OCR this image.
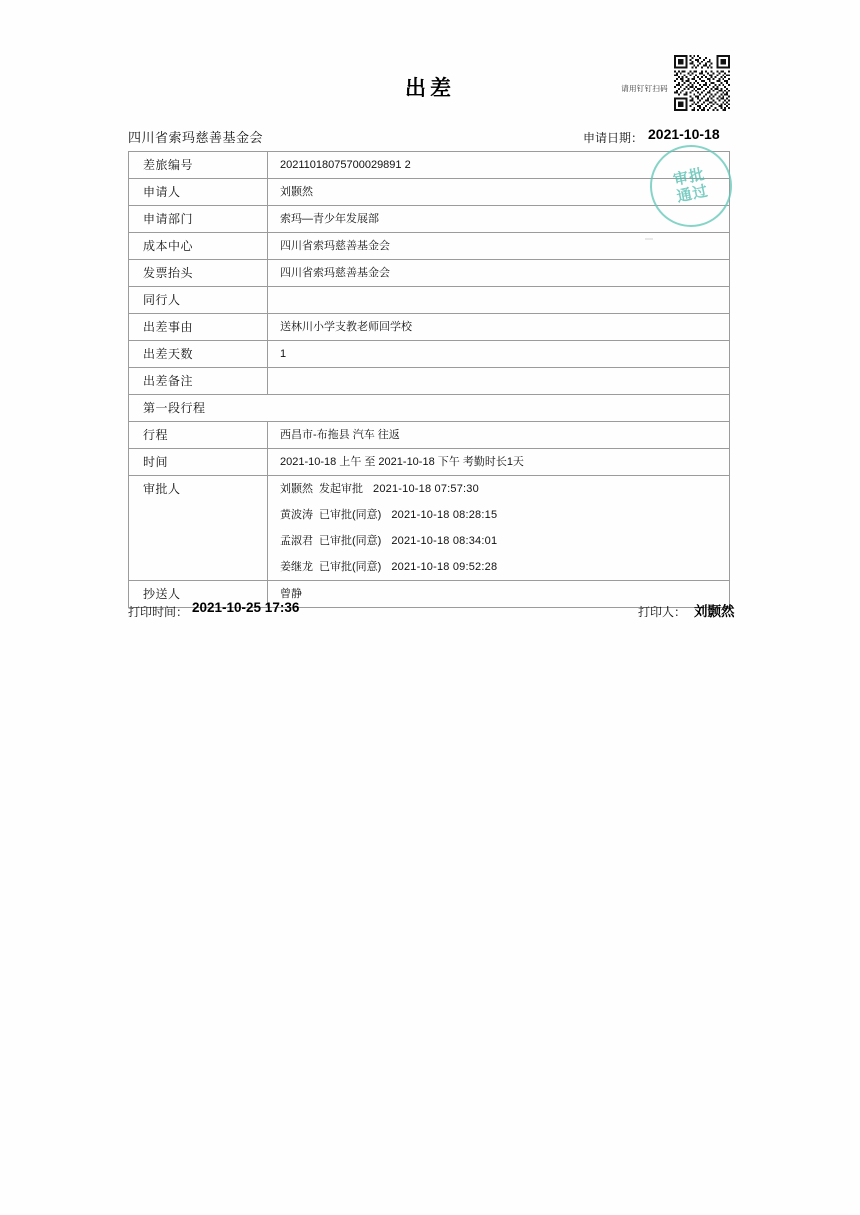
出差	请用钉钉扫码
四川省索玛慈善基金会	申请日期： 2021-10-18
差旅编号	20211018075700029891 2
申请人	刘颢然
申请部门	索玛—青少年发展部
成本中心	四川省索玛慈善基金会
发票抬头	四川省索玛慈善基金会
同行人	
出差事由	送林川小学支教老师回学校
出差天数	1
出差备注	
第一段行程	
行程	西昌市-布拖县 汽车 往返
时间	2021-10-18 上午 至 2021-10-18 下午 考勤时长1天
审批人	刘颢然 发起审批 2021-10-18 07:57:30
	黄波涛 已审批(同意) 2021-10-18 08:28:15
	孟淑君 已审批(同意) 2021-10-18 08:34:01
	姜继龙 已审批(同意) 2021-10-18 09:52:28
抄送人	曾静
审批
通过
打印时间： 2021-10-25 17:36	打印人： 刘颢然
